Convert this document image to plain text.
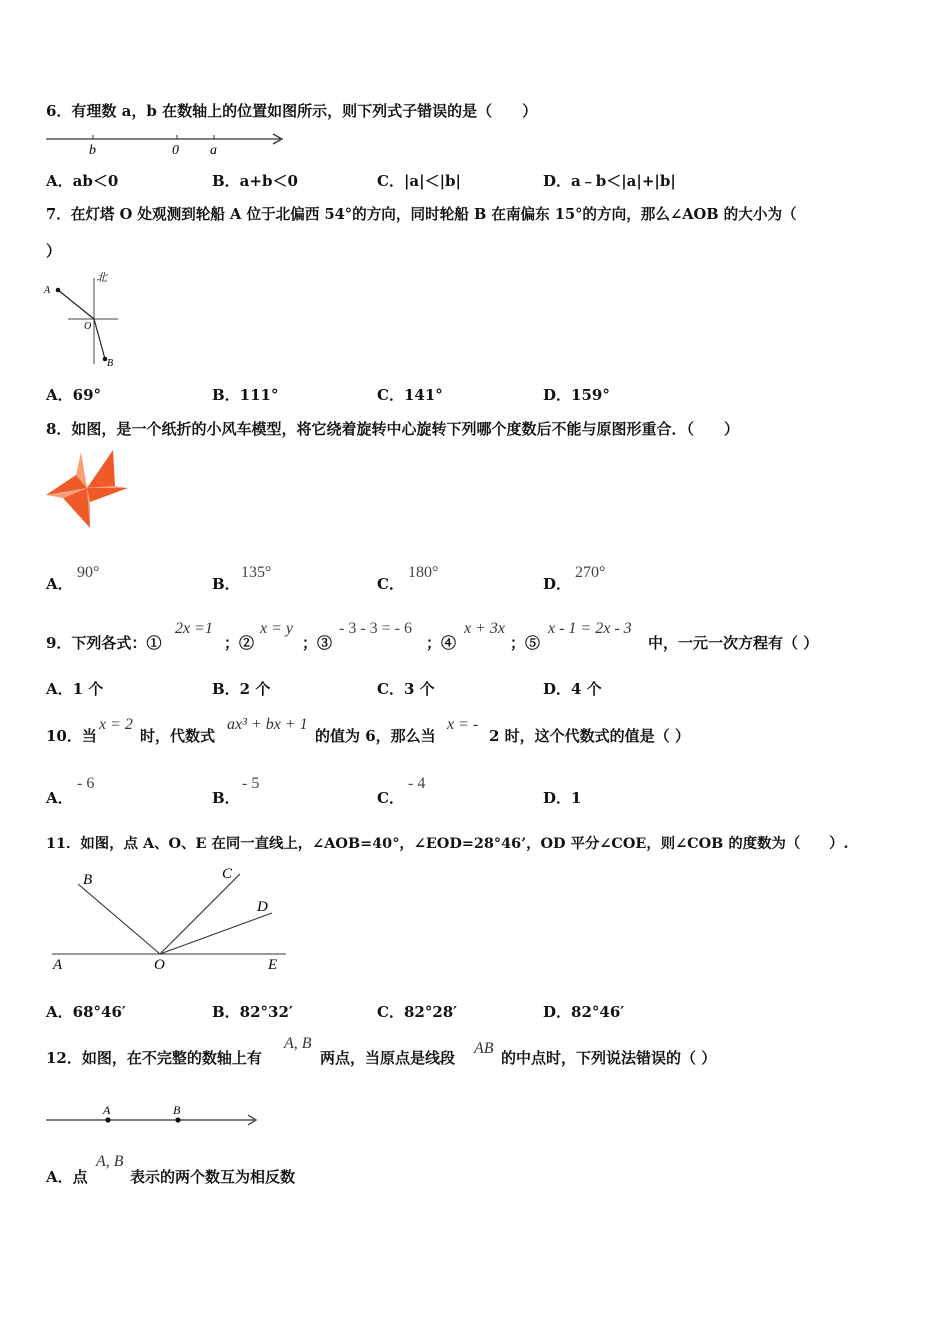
6．有理数 a，b 在数轴上的位置如图所示，则下列式子错误的是（　　）
b	0 a
A．ab＜0	B．a+b＜0	C．|a|＜|b|	D．a﹣b＜|a|+|b|
7．在灯塔 O 处观测到轮船 A 位于北偏西 54°的方向，同时轮船 B 在南偏东 15°的方向，那么∠AOB 的大小为（
）
北
A
O
B
A．69°	B．111°	C．141°	D．159°
8．如图，是一个纸折的小风车模型，将它绕着旋转中心旋转下列哪个度数后不能与原图形重合．（　　）
A．
90°
B．
135°
C．
180°
D．
270°
9．下列各式：①
2x =1
；②
x = y
；③
- 3 - 3 = - 6
；④
x + 3x
；⑤
x - 1 = 2x - 3
中，一元一次方程有（ ）
A．1 个	B．2 个	C．3 个	D．4 个
10．当
x = 2
时，代数式
ax³ + bx + 1
的值为 6，那么当
x = -
2 时，这个代数式的值是（ ）
A．
- 6
B．
- 5
C．
- 4
D．1
11．如图，点 A、O、E 在同一直线上，∠AOB=40°，∠EOD=28°46’，OD 平分∠COE，则∠COB 的度数为（　　）.
B	C
D
A	O	E
A．68°46′	B．82°32′	C．82°28′	D．82°46′
12．如图，在不完整的数轴上有
A, B
两点，当原点是线段
AB
的中点时，下列说法错误的（ ）
A	B
A．点
A, B
表示的两个数互为相反数
